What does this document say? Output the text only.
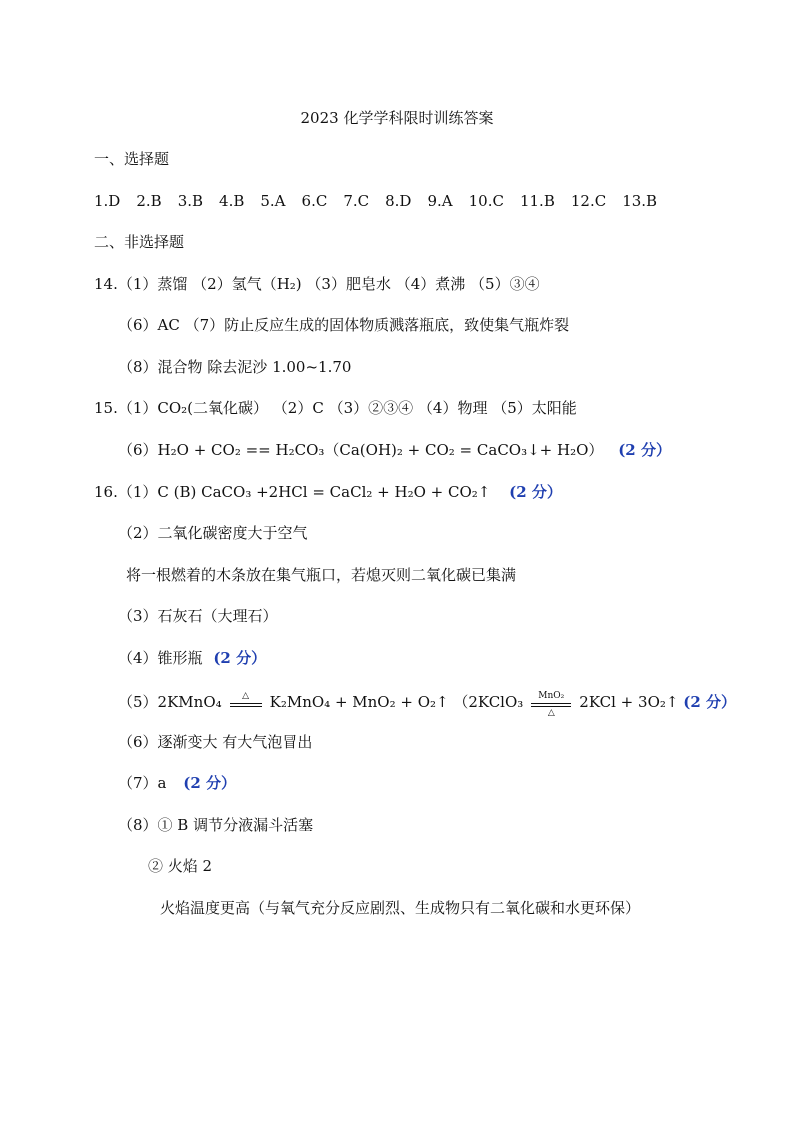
2023 化学学科限时训练答案
一、选择题
1.D 2.B 3.B 4.B 5.A 6.C 7.C 8.D 9.A 10.C 11.B 12.C 13.B
二、非选择题
14.（1）蒸馏 （2）氢气（H₂) （3）肥皂水 （4）煮沸 （5）③④
（6）AC （7）防止反应生成的固体物质溅落瓶底，致使集气瓶炸裂
（8）混合物 除去泥沙 1.00~1.70
15.（1）CO₂(二氧化碳） （2）C （3）②③④ （4）物理 （5）太阳能
（6）H₂O + CO₂ == H₂CO₃（Ca(OH)₂ + CO₂ = CaCO₃↓+ H₂O） (2 分）
16.（1）C (B) CaCO₃ +2HCl = CaCl₂ + H₂O + CO₂↑ (2 分）
（2）二氧化碳密度大于空气
将一根燃着的木条放在集气瓶口，若熄灭则二氧化碳已集满
（3）石灰石（大理石）
（4）锥形瓶 (2 分）
（5）2KMnO₄	△	K₂MnO₄ + MnO₂ + O₂↑ （2KClO₃	MnO₂
△
2KCl + 3O₂↑ (2 分）
（6）逐渐变大 有大气泡冒出
（7）a (2 分）
（8）① B 调节分液漏斗活塞
② 火焰 2
火焰温度更高（与氧气充分反应剧烈、生成物只有二氧化碳和水更环保）
